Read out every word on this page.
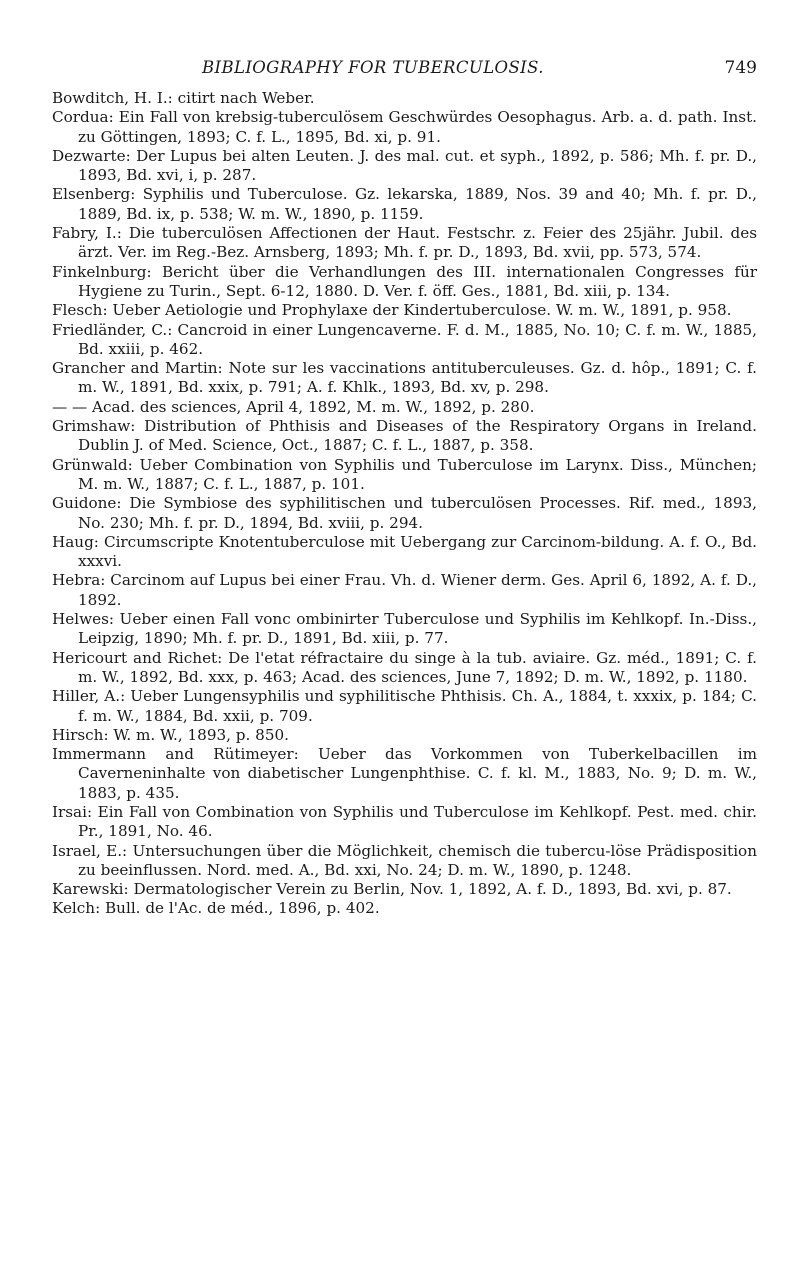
BIBLIOGRAPHY FOR TUBERCULOSIS.	749

Bowditch, H. I.: citirt nach Weber.

Cordua: Ein Fall von krebsig-tuberculösem Geschwürdes Oesophagus. Arb. a. d. path. Inst. zu Göttingen, 1893; C. f. L., 1895, Bd. xi, p. 91.

Dezwarte: Der Lupus bei alten Leuten. J. des mal. cut. et syph., 1892, p. 586; Mh. f. pr. D., 1893, Bd. xvi, i, p. 287.

Elsenberg: Syphilis und Tuberculose. Gz. lekarska, 1889, Nos. 39 and 40; Mh. f. pr. D., 1889, Bd. ix, p. 538; W. m. W., 1890, p. 1159.

Fabry, I.: Die tuberculösen Affectionen der Haut. Festschr. z. Feier des 25jähr. Jubil. des ärzt. Ver. im Reg.-Bez. Arnsberg, 1893; Mh. f. pr. D., 1893, Bd. xvii, pp. 573, 574.

Finkelnburg: Bericht über die Verhandlungen des III. internationalen Congresses für Hygiene zu Turin., Sept. 6-12, 1880. D. Ver. f. öff. Ges., 1881, Bd. xiii, p. 134.

Flesch: Ueber Aetiologie und Prophylaxe der Kindertuberculose. W. m. W., 1891, p. 958.

Friedländer, C.: Cancroid in einer Lungencaverne. F. d. M., 1885, No. 10; C. f. m. W., 1885, Bd. xxiii, p. 462.

Grancher and Martin: Note sur les vaccinations antituberculeuses. Gz. d. hôp., 1891; C. f. m. W., 1891, Bd. xxix, p. 791; A. f. Khlk., 1893, Bd. xv, p. 298.

— — Acad. des sciences, April 4, 1892, M. m. W., 1892, p. 280.

Grimshaw: Distribution of Phthisis and Diseases of the Respiratory Organs in Ireland. Dublin J. of Med. Science, Oct., 1887; C. f. L., 1887, p. 358.

Grünwald: Ueber Combination von Syphilis und Tuberculose im Larynx. Diss., München; M. m. W., 1887; C. f. L., 1887, p. 101.

Guidone: Die Symbiose des syphilitischen und tuberculösen Processes. Rif. med., 1893, No. 230; Mh. f. pr. D., 1894, Bd. xviii, p. 294.

Haug: Circumscripte Knotentuberculose mit Uebergang zur Carcinom-bildung. A. f. O., Bd. xxxvi.

Hebra: Carcinom auf Lupus bei einer Frau. Vh. d. Wiener derm. Ges. April 6, 1892, A. f. D., 1892.

Helwes: Ueber einen Fall vonc ombinirter Tuberculose und Syphilis im Kehlkopf. In.-Diss., Leipzig, 1890; Mh. f. pr. D., 1891, Bd. xiii, p. 77.

Hericourt and Richet: De l'etat réfractaire du singe à la tub. aviaire. Gz. méd., 1891; C. f. m. W., 1892, Bd. xxx, p. 463; Acad. des sciences, June 7, 1892; D. m. W., 1892, p. 1180.

Hiller, A.: Ueber Lungensyphilis und syphilitische Phthisis. Ch. A., 1884, t. xxxix, p. 184; C. f. m. W., 1884, Bd. xxii, p. 709.

Hirsch: W. m. W., 1893, p. 850.

Immermann and Rütimeyer: Ueber das Vorkommen von Tuberkelbacillen im Caverneninhalte von diabetischer Lungenphthise. C. f. kl. M., 1883, No. 9; D. m. W., 1883, p. 435.

Irsai: Ein Fall von Combination von Syphilis und Tuberculose im Kehlkopf. Pest. med. chir. Pr., 1891, No. 46.

Israel, E.: Untersuchungen über die Möglichkeit, chemisch die tubercu-löse Prädisposition zu beeinflussen. Nord. med. A., Bd. xxi, No. 24; D. m. W., 1890, p. 1248.

Karewski: Dermatologischer Verein zu Berlin, Nov. 1, 1892, A. f. D., 1893, Bd. xvi, p. 87.

Kelch: Bull. de l'Ac. de méd., 1896, p. 402.
